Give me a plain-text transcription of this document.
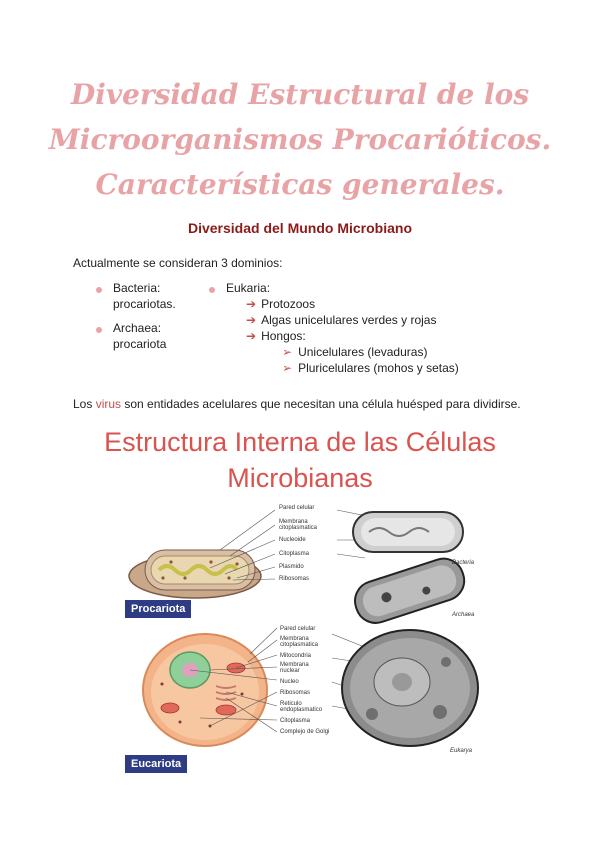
Diversidad Estructural de los
Microorganismos Procarióticos.
Características generales.
Diversidad del Mundo Microbiano
Actualmente se consideran 3 dominios:
Bacteria:
procariotas.
Archaea:
procariota
Eukaria:
➔ Protozoos
➔ Algas unicelulares verdes y rojas
➔ Hongos:
➢ Unicelulares (levaduras)
➢ Pluricelulares (mohos y setas)
Los virus son entidades acelulares que necesitan una célula huésped para dividirse.
Estructura Interna de las Células
Microbianas
Pared celular
Membrana citoplasmatica
Nucleoide
Citoplasma
Plasmido
Ribosomas
Bacteria
Archaea
Procariota
Pared celular
Membrana citoplasmatica
Mitocondria
Membrana nuclear
Nucleo
Ribosomas
Reticulo endoplasmatico
Citoplasma
Complejo de Golgi
Eukarya
Eucariota
